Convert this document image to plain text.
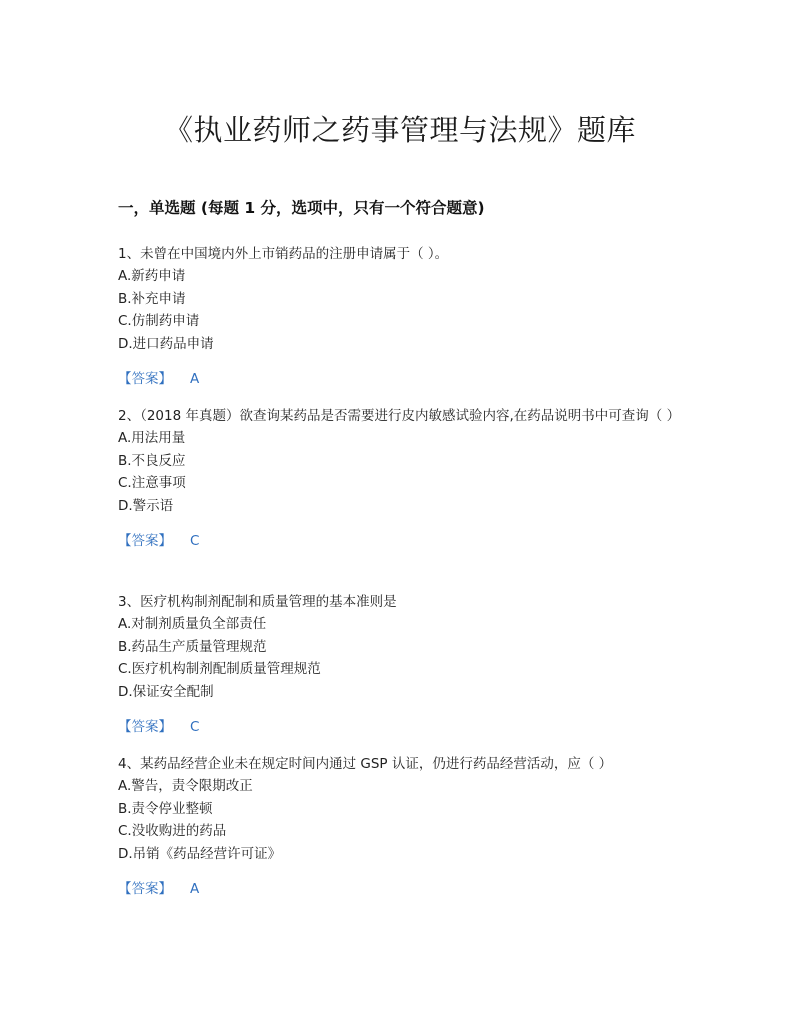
《执业药师之药事管理与法规》题库
一，单选题 (每题 1 分，选项中，只有一个符合题意)

1、未曾在中国境内外上市销药品的注册申请属于（ ）。

A.新药申请

B.补充申请

C.仿制药申请

D.进口药品申请

【答案】 A

2、（2018 年真题）欲查询某药品是否需要进行皮内敏感试验内容,在药品说明书中可查询（ ）

A.用法用量

B.不良反应

C.注意事项

D.警示语

【答案】 C

3、医疗机构制剂配制和质量管理的基本准则是

A.对制剂质量负全部责任

B.药品生产质量管理规范

C.医疗机构制剂配制质量管理规范

D.保证安全配制

【答案】 C

4、某药品经营企业未在规定时间内通过 GSP 认证，仍进行药品经营活动，应（ ）

A.警告，责令限期改正

B.责令停业整顿

C.没收购进的药品

D.吊销《药品经营许可证》

【答案】 A
